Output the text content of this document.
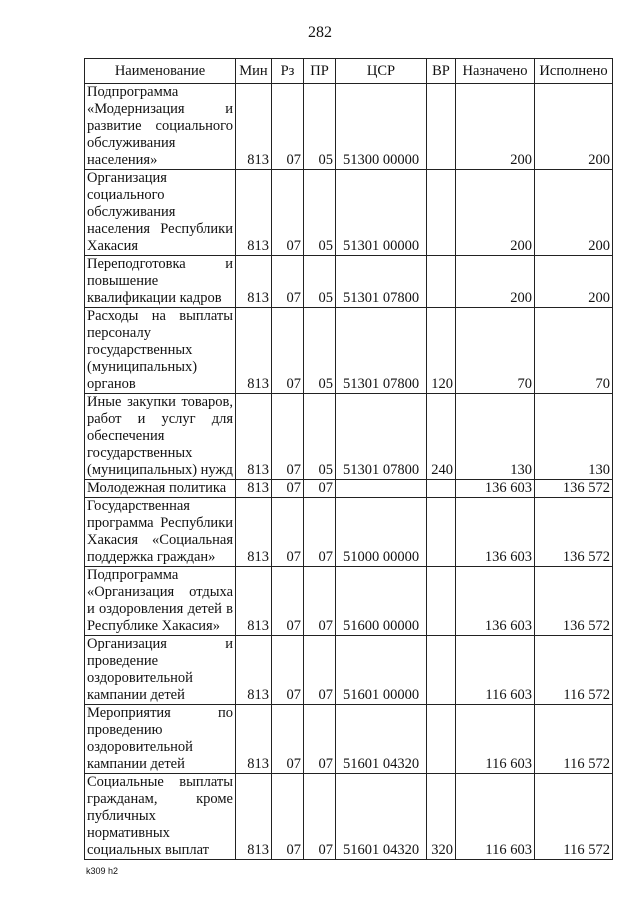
282
Наименование	Мин	Рз	ПР	ЦСР	ВР	Назначено	Исполнено
Подпрограмма «Модернизация и развитие социального обслуживания населения»	813	07	05	51300 00000		200	200
Организация социального обслуживания населения Республики Хакасия	813	07	05	51301 00000		200	200
Переподготовка и повышение квалификации кадров	813	07	05	51301 07800		200	200
Расходы на выплаты персоналу государственных (муниципальных) органов	813	07	05	51301 07800	120	70	70
Иные закупки товаров, работ и услуг для обеспечения государственных (муниципальных) нужд	813	07	05	51301 07800	240	130	130
Молодежная политика	813	07	07			136 603	136 572
Государственная программа Республики Хакасия «Социальная поддержка граждан»	813	07	07	51000 00000		136 603	136 572
Подпрограмма «Организация отдыха и оздоровления детей в Республике Хакасия»	813	07	07	51600 00000		136 603	136 572
Организация и проведение оздоровительной кампании детей	813	07	07	51601 00000		116 603	116 572
Мероприятия по проведению оздоровительной кампании детей	813	07	07	51601 04320		116 603	116 572
Социальные выплаты гражданам, кроме публичных нормативных социальных выплат	813	07	07	51601 04320	320	116 603	116 572
k309 h2
